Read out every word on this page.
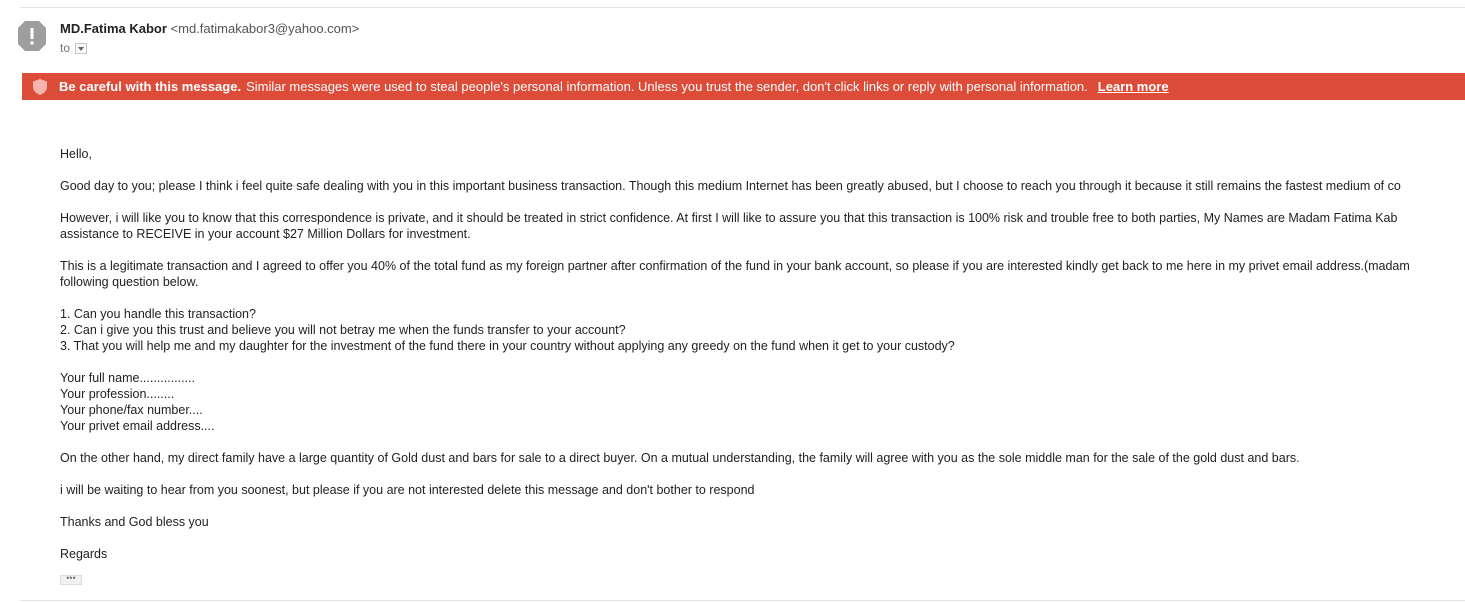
MD.Fatima Kabor <md.fatimakabor3@yahoo.com>
to
Be careful with this message. Similar messages were used to steal people's personal information. Unless you trust the sender, don't click links or reply with personal information. Learn more

Hello,

Good day to you; please I think i feel quite safe dealing with you in this important business transaction. Though this medium Internet has been greatly abused, but I choose to reach you through it because it still remains the fastest medium of co

However, i will like you to know that this correspondence is private, and it should be treated in strict confidence. At first I will like to assure you that this transaction is 100% risk and trouble free to both parties, My Names are Madam Fatima Kab
assistance to RECEIVE in your account $27 Million Dollars for investment.

This is a legitimate transaction and I agreed to offer you 40% of the total fund as my foreign partner after confirmation of the fund in your bank account, so please if you are interested kindly get back to me here in my privet email address.(madam
following question below.

1. Can you handle this transaction?
2. Can i give you this trust and believe you will not betray me when the funds transfer to your account?
3. That you will help me and my daughter for the investment of the fund there in your country without applying any greedy on the fund when it get to your custody?

Your full name................
Your profession........
Your phone/fax number....
Your privet email address....

On the other hand, my direct family have a large quantity of Gold dust and bars for sale to a direct buyer. On a mutual understanding, the family will agree with you as the sole middle man for the sale of the gold dust and bars.

i will be waiting to hear from you soonest, but please if you are not interested delete this message and don't bother to respond

Thanks and God bless you

Regards

•••
